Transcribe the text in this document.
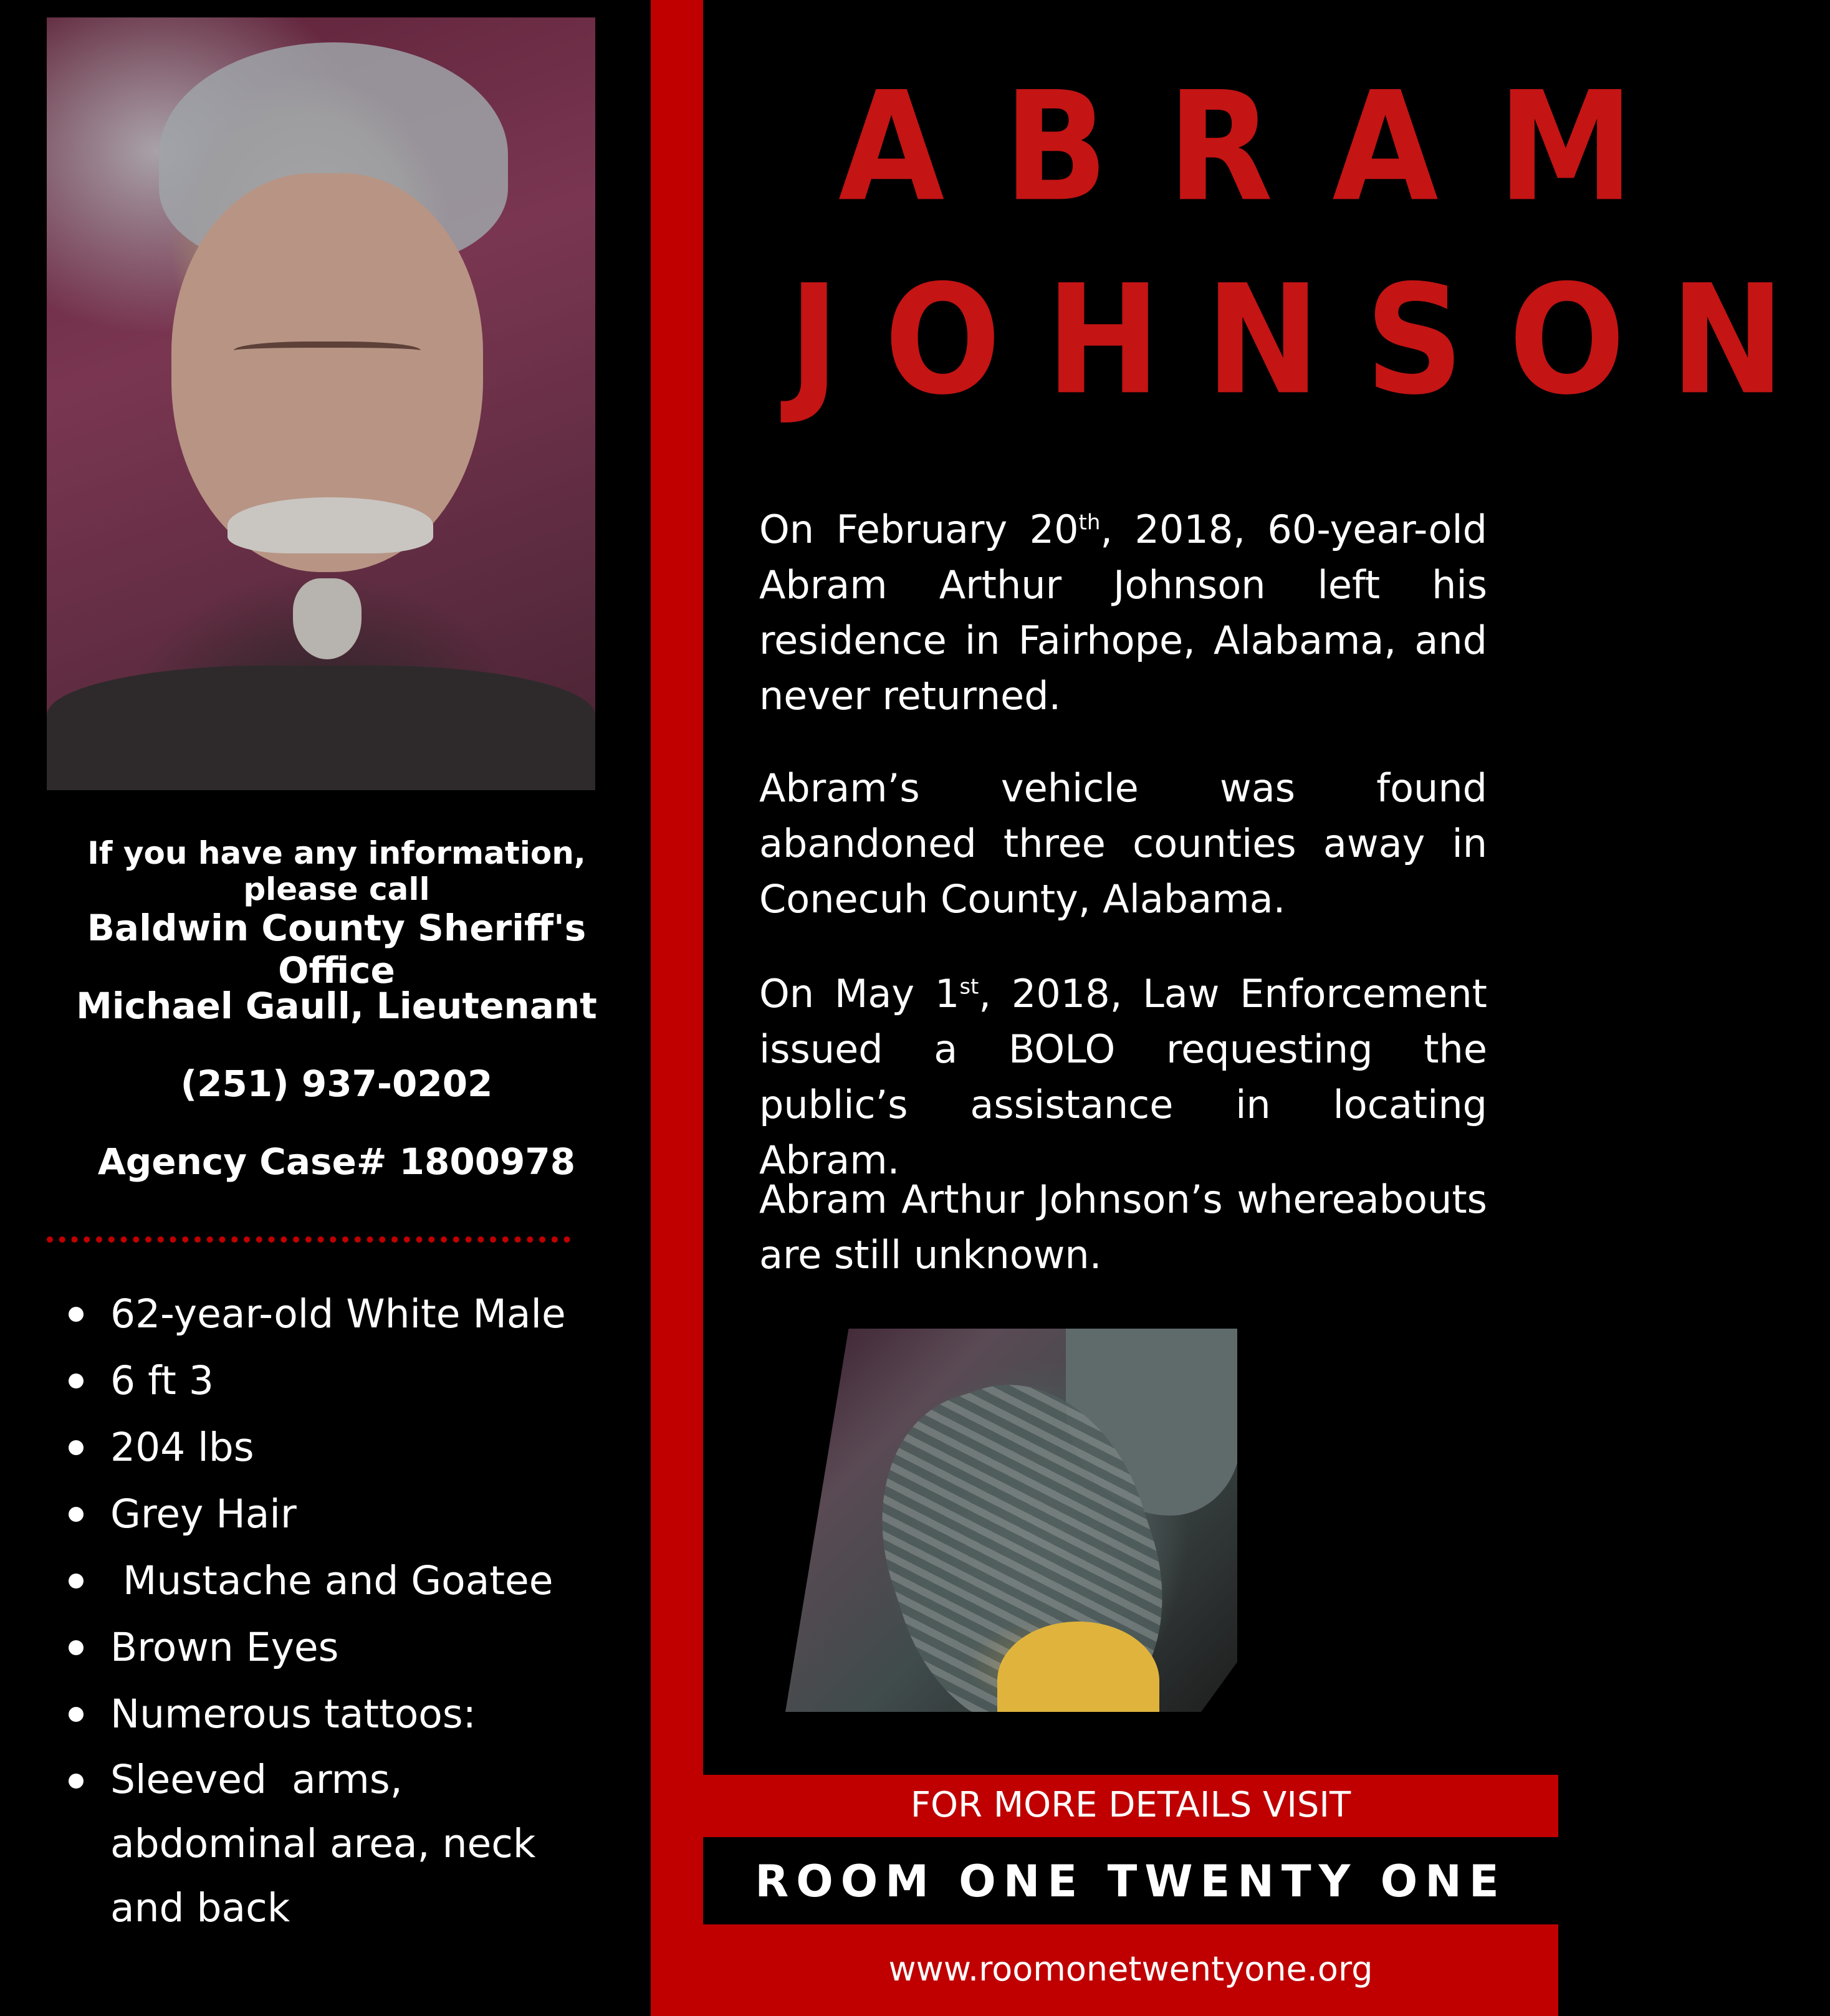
If you have any information, please call
Baldwin County Sheriff's Office
Michael Gaull, Lieutenant
(251) 937-0202
Agency Case# 1800978
62-year-old White Male
6 ft 3
204 lbs
Grey Hair
Mustache and Goatee
Brown Eyes
Numerous tattoos:
Sleeved  arms,  abdominal area, neck and back
ABRAM
JOHNSON
On February 20th, 2018, 60-year-old Abram Arthur Johnson left his residence in Fairhope, Alabama, and never returned.
Abram’s vehicle was found abandoned three counties away in Conecuh County, Alabama.
On May 1st, 2018, Law Enforcement issued a BOLO requesting the public’s assistance in locating Abram.
Abram Arthur Johnson’s whereabouts are still unknown.
FOR MORE DETAILS VISIT
ROOM ONE TWENTY ONE
www.roomonetwentyone.org
